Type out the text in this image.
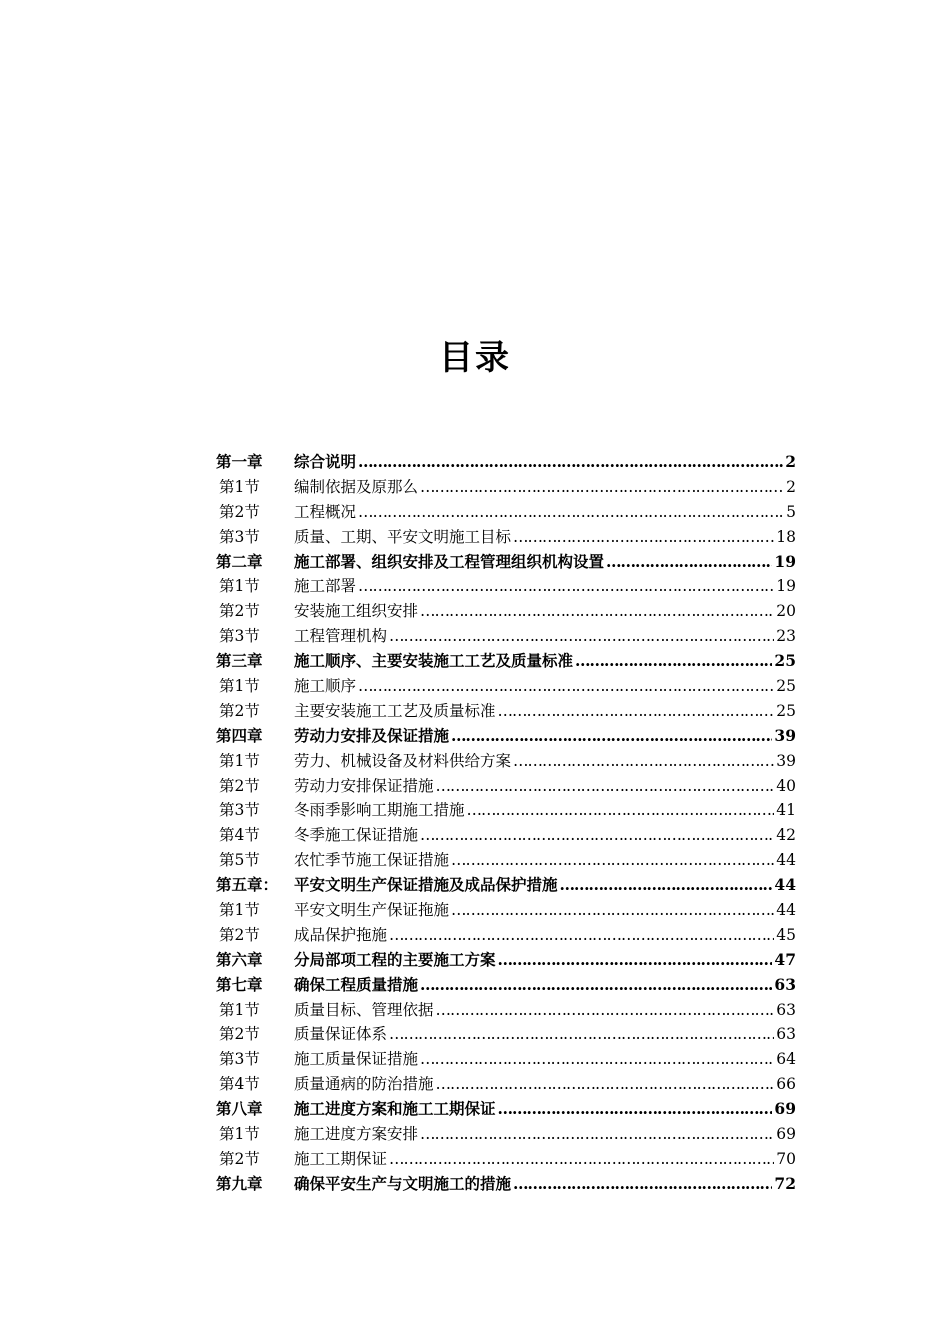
目录
第一章	综合说明 …………………………………………………………………………………………………………	2
第1节	编制依据及原那么 …………………………………………………………………………………………………………	2
第2节	工程概况 …………………………………………………………………………………………………………	5
第3节	质量、工期、平安文明施工目标 …………………………………………………………………………………………………………	18
第二章	施工部署、组织安排及工程管理组织机构设置 …………………………………………………………………………………………………………	19
第1节	施工部署 …………………………………………………………………………………………………………	19
第2节	安装施工组织安排 …………………………………………………………………………………………………………	20
第3节	工程管理机构 …………………………………………………………………………………………………………	23
第三章	施工顺序、主要安装施工工艺及质量标准 …………………………………………………………………………………………………………	25
第1节	施工顺序 …………………………………………………………………………………………………………	25
第2节	主要安装施工工艺及质量标准 …………………………………………………………………………………………………………	25
第四章	劳动力安排及保证措施 …………………………………………………………………………………………………………	39
第1节	劳力、机械设备及材料供给方案 …………………………………………………………………………………………………………	39
第2节	劳动力安排保证措施 …………………………………………………………………………………………………………	40
第3节	冬雨季影响工期施工措施 …………………………………………………………………………………………………………	41
第4节	冬季施工保证措施 …………………………………………………………………………………………………………	42
第5节	农忙季节施工保证措施 …………………………………………………………………………………………………………	44
第五章：	平安文明生产保证措施及成品保护措施 …………………………………………………………………………………………………………	44
第1节	平安文明生产保证拖施 …………………………………………………………………………………………………………	44
第2节	成品保护拖施 …………………………………………………………………………………………………………	45
第六章	分局部项工程的主要施工方案 …………………………………………………………………………………………………………	47
第七章	确保工程质量措施 …………………………………………………………………………………………………………	63
第1节	质量目标、管理依据 …………………………………………………………………………………………………………	63
第2节	质量保证体系 …………………………………………………………………………………………………………	63
第3节	施工质量保证措施 …………………………………………………………………………………………………………	64
第4节	质量通病的防治措施 …………………………………………………………………………………………………………	66
第八章	施工进度方案和施工工期保证 …………………………………………………………………………………………………………	69
第1节	施工进度方案安排 …………………………………………………………………………………………………………	69
第2节	施工工期保证 …………………………………………………………………………………………………………	70
第九章	确保平安生产与文明施工的措施 …………………………………………………………………………………………………………	72
